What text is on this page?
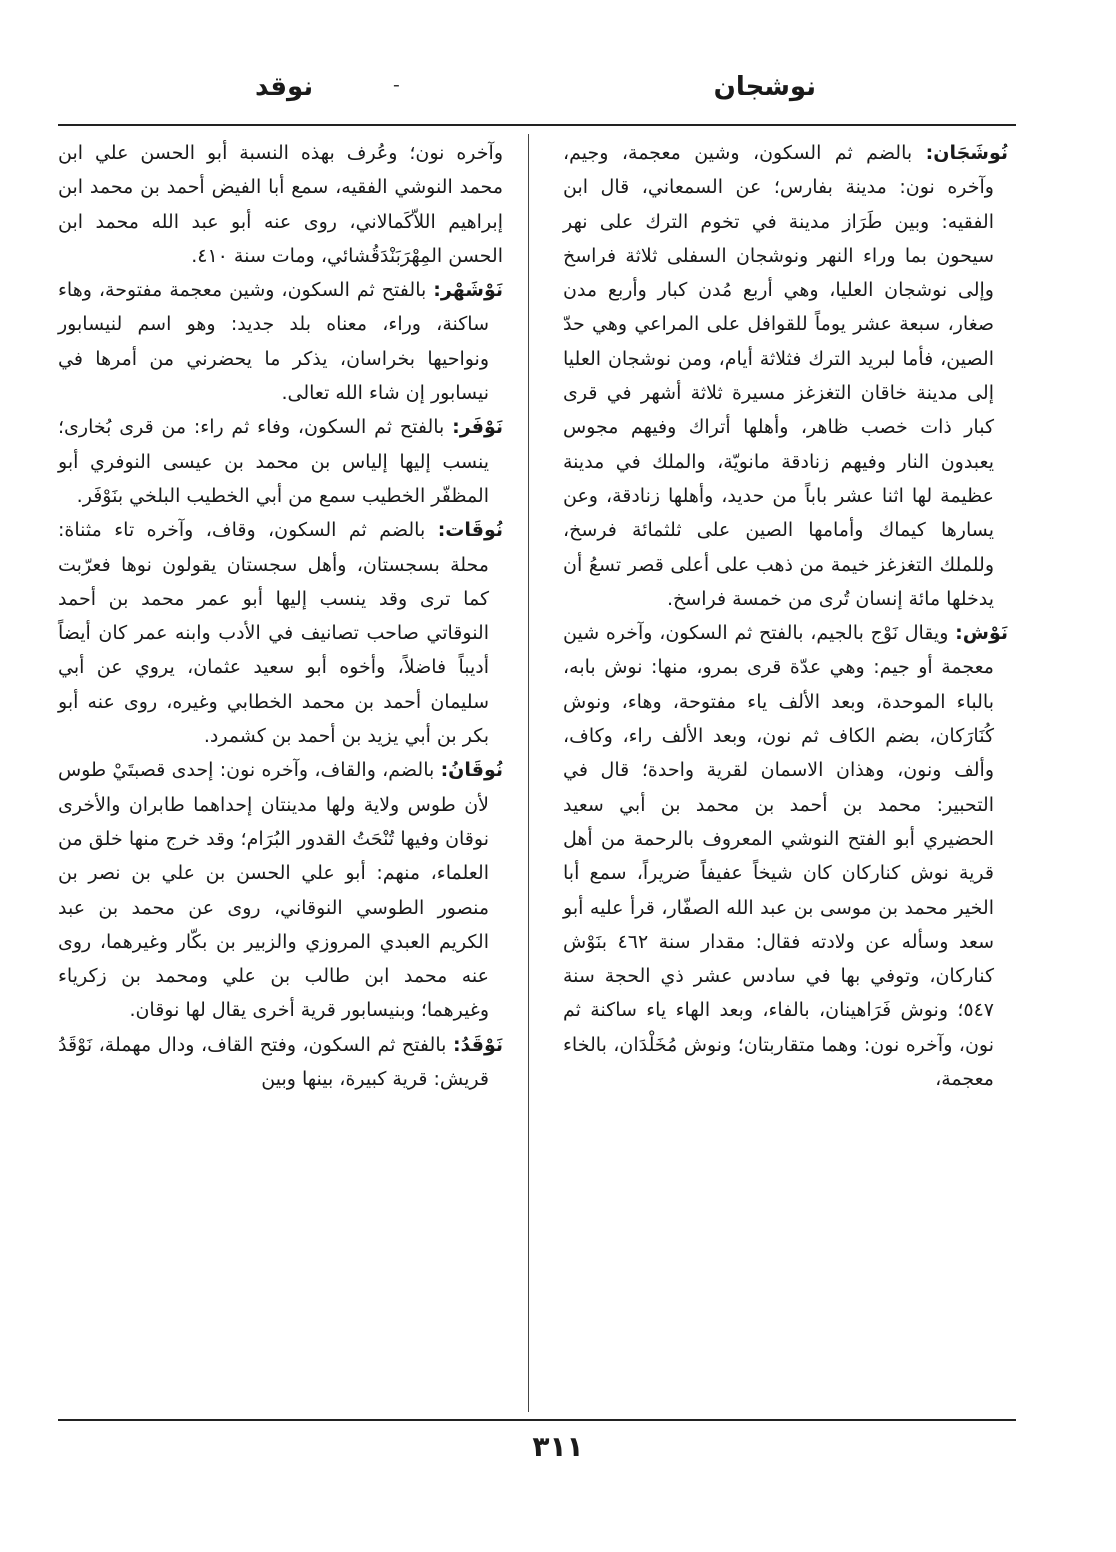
نوشجان
-
نوقد

نُوشَجَان: بالضم ثم السكون، وشين معجمة، وجيم، وآخره نون: مدينة بفارس؛ عن السمعاني، قال ابن الفقيه: وبين طَرَاز مدينة في تخوم الترك على نهر سيحون بما وراء النهر ونوشجان السفلى ثلاثة فراسخ وإلى نوشجان العليا، وهي أربع مُدن كبار وأربع مدن صغار، سبعة عشر يوماً للقوافل على المراعي وهي حدّ الصين، فأما لبريد الترك فثلاثة أيام، ومن نوشجان العليا إلى مدينة خاقان التغزغز مسيرة ثلاثة أشهر في قرى كبار ذات خصب ظاهر، وأهلها أتراك وفيهم مجوس يعبدون النار وفيهم زنادقة مانويّة، والملك في مدينة عظيمة لها اثنا عشر باباً من حديد، وأهلها زنادقة، وعن يسارها كيماك وأمامها الصين على ثلثمائة فرسخ، وللملك التغزغز خيمة من ذهب على أعلى قصر تسعُ أن يدخلها مائة إنسان تُرى من خمسة فراسخ.

نَوْش: ويقال نَوْج بالجيم، بالفتح ثم السكون، وآخره شين معجمة أو جيم: وهي عدّة قرى بمرو، منها: نوش بابه، بالباء الموحدة، وبعد الألف ياء مفتوحة، وهاء، ونوش كُنَارَكان، بضم الكاف ثم نون، وبعد الألف راء، وكاف، وألف ونون، وهذان الاسمان لقرية واحدة؛ قال في التحبير: محمد بن أحمد بن محمد بن أبي سعيد الحضيري أبو الفتح النوشي المعروف بالرحمة من أهل قرية نوش كناركان كان شيخاً عفيفاً ضريراً، سمع أبا الخير محمد بن موسى بن عبد الله الصفّار، قرأ عليه أبو سعد وسأله عن ولادته فقال: مقدار سنة ٤٦٢ بنَوْش كناركان، وتوفي بها في سادس عشر ذي الحجة سنة ٥٤٧؛ ونوش فَرَاهينان، بالفاء، وبعد الهاء ياء ساكنة ثم نون، وآخره نون: وهما متقاربتان؛ ونوش مُخَلْدَان، بالخاء معجمة،

وآخره نون؛ وعُرف بهذه النسبة أبو الحسن علي ابن محمد النوشي الفقيه، سمع أبا الفيض أحمد بن محمد ابن إبراهيم اللاّكَمالاني، روى عنه أبو عبد الله محمد ابن الحسن المِهْرَبَنْدَقُشائي، ومات سنة ٤١٠.

نَوْشَهْر: بالفتح ثم السكون، وشين معجمة مفتوحة، وهاء ساكنة، وراء، معناه بلد جديد: وهو اسم لنيسابور ونواحيها بخراسان، يذكر ما يحضرني من أمرها في نيسابور إن شاء الله تعالى.

نَوْفَر: بالفتح ثم السكون، وفاء ثم راء: من قرى بُخارى؛ ينسب إليها إلياس بن محمد بن عيسى النوفري أبو المظفّر الخطيب سمع من أبي الخطيب البلخي بنَوْفَر.

نُوقَات: بالضم ثم السكون، وقاف، وآخره تاء مثناة: محلة بسجستان، وأهل سجستان يقولون نوها فعرّبت كما ترى وقد ينسب إليها أبو عمر محمد بن أحمد النوقاتي صاحب تصانيف في الأدب وابنه عمر كان أيضاً أديباً فاضلاً، وأخوه أبو سعيد عثمان، يروي عن أبي سليمان أحمد بن محمد الخطابي وغيره، روى عنه أبو بكر بن أبي يزيد بن أحمد بن كشمرد.

نُوقَانُ: بالضم، والقاف، وآخره نون: إحدى قصبتَيْ طوس لأن طوس ولاية ولها مدينتان إحداهما طابران والأخرى نوقان وفيها تُنْحَتُ القدور البُرَام؛ وقد خرج منها خلق من العلماء، منهم: أبو علي الحسن بن علي بن نصر بن منصور الطوسي النوقاني، روى عن محمد بن عبد الكريم العبدي المروزي والزبير بن بكّار وغيرهما، روى عنه محمد ابن طالب بن علي ومحمد بن زكرياء وغيرهما؛ وبنيسابور قرية أخرى يقال لها نوقان.

نَوْقَدُ: بالفتح ثم السكون، وفتح القاف، ودال مهملة، نَوْقَدُ قريش: قرية كبيرة، بينها وبين

٣١١
